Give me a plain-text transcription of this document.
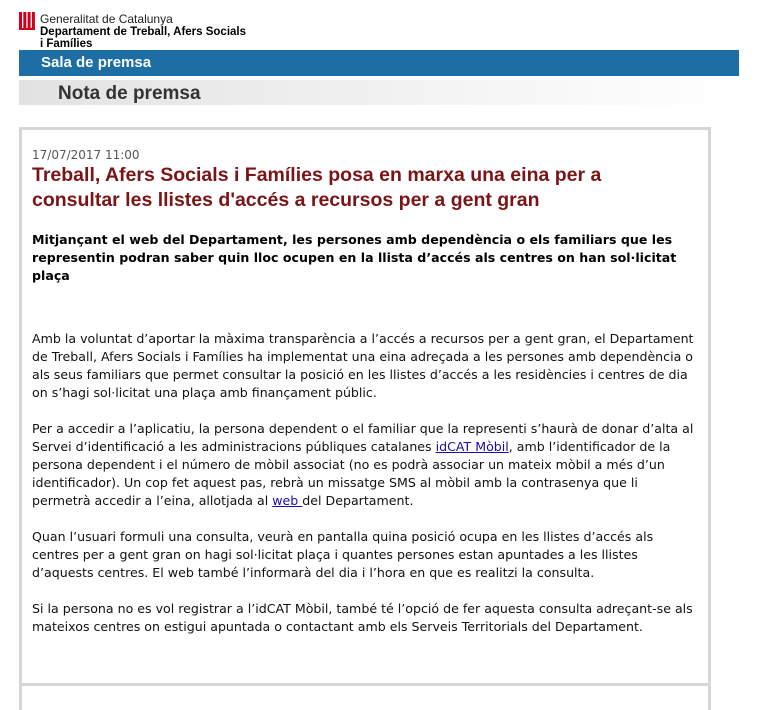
Generalitat de Catalunya
Departament de Treball, Afers Socials
i Famílies
Sala de premsa
Nota de premsa
17/07/2017 11:00
Treball, Afers Socials i Famílies posa en marxa una eina per a consultar les llistes d'accés a recursos per a gent gran

Mitjançant el web del Departament, les persones amb dependència o els familiars que les representin podran saber quin lloc ocupen en la llista d’accés als centres on han sol·licitat plaça

Amb la voluntat d’aportar la màxima transparència a l’accés a recursos per a gent gran, el Departament de Treball, Afers Socials i Famílies ha implementat una eina adreçada a les persones amb dependència o als seus familiars que permet consultar la posició en les llistes d’accés a les residències i centres de dia on s’hagi sol·licitat una plaça amb finançament públic.

Per a accedir a l’aplicatiu, la persona dependent o el familiar que la representi s’haurà de donar d’alta al Servei d’identificació a les administracions públiques catalanes idCAT Mòbil, amb l’identificador de la persona dependent i el número de mòbil associat (no es podrà associar un mateix mòbil a més d’un identificador). Un cop fet aquest pas, rebrà un missatge SMS al mòbil amb la contrasenya que li permetrà accedir a l’eina, allotjada al web del Departament.

Quan l’usuari formuli una consulta, veurà en pantalla quina posició ocupa en les llistes d’accés als centres per a gent gran on hagi sol·licitat plaça i quantes persones estan apuntades a les llistes d’aquests centres. El web també l’informarà del dia i l’hora en que es realitzi la consulta.

Si la persona no es vol registrar a l’idCAT Mòbil, també té l’opció de fer aquesta consulta adreçant-se als mateixos centres on estigui apuntada o contactant amb els Serveis Territorials del Departament.
